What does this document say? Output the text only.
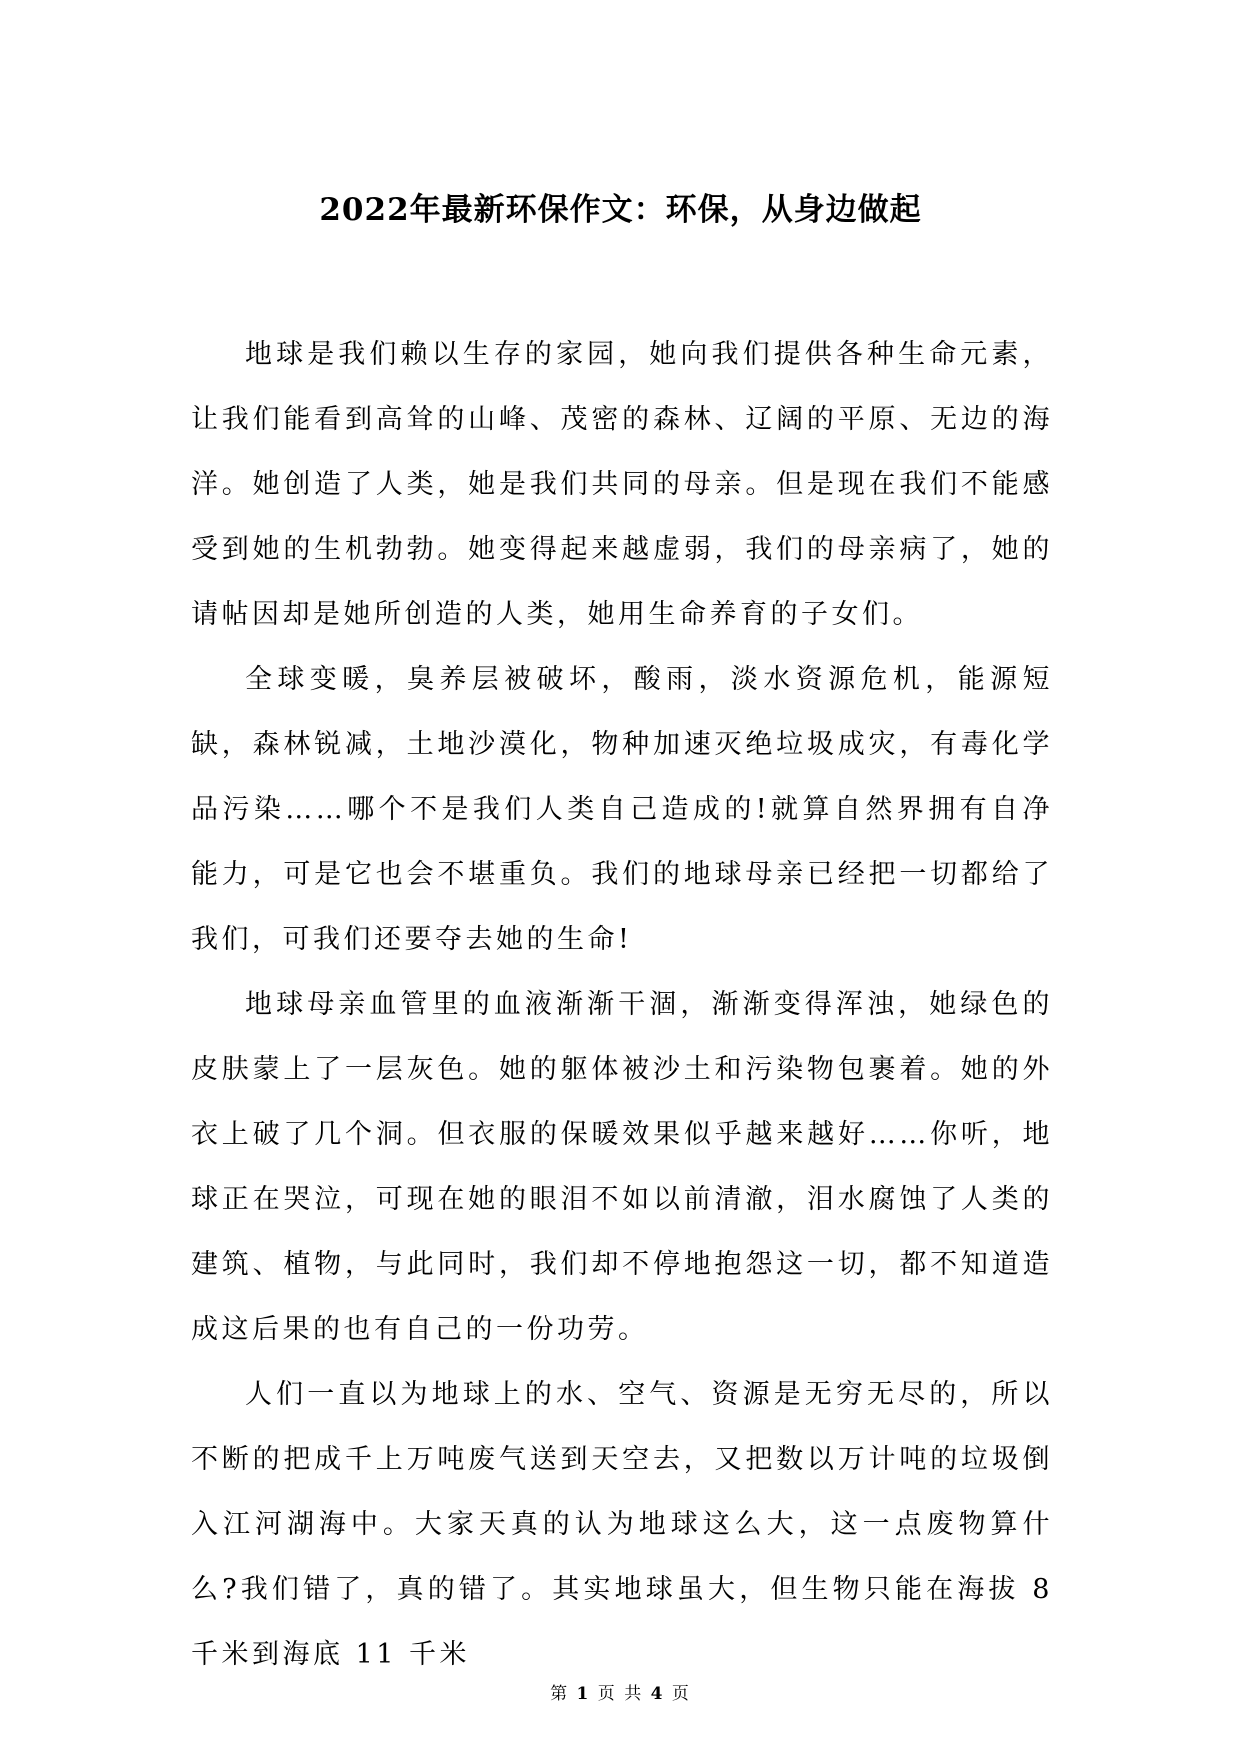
2022年最新环保作文：环保，从身边做起

地球是我们赖以生存的家园，她向我们提供各种生命元素，让我们能看到高耸的山峰、茂密的森林、辽阔的平原、无边的海洋。她创造了人类，她是我们共同的母亲。但是现在我们不能感受到她的生机勃勃。她变得起来越虚弱，我们的母亲病了，她的请帖因却是她所创造的人类，她用生命养育的子女们。

全球变暖，臭养层被破坏，酸雨，淡水资源危机，能源短缺，森林锐减，土地沙漠化，物种加速灭绝垃圾成灾，有毒化学品污染……哪个不是我们人类自己造成的!就算自然界拥有自净能力，可是它也会不堪重负。我们的地球母亲已经把一切都给了我们，可我们还要夺去她的生命!

地球母亲血管里的血液渐渐干涸，渐渐变得浑浊，她绿色的皮肤蒙上了一层灰色。她的躯体被沙土和污染物包裹着。她的外衣上破了几个洞。但衣服的保暖效果似乎越来越好……你听，地球正在哭泣，可现在她的眼泪不如以前清澈，泪水腐蚀了人类的建筑、植物，与此同时，我们却不停地抱怨这一切，都不知道造成这后果的也有自己的一份功劳。

人们一直以为地球上的水、空气、资源是无穷无尽的，所以不断的把成千上万吨废气送到天空去，又把数以万计吨的垃圾倒入江河湖海中。大家天真的认为地球这么大，这一点废物算什么?我们错了，真的错了。其实地球虽大，但生物只能在海拔 8 千米到海底 11 千米

第 1 页 共 4 页
